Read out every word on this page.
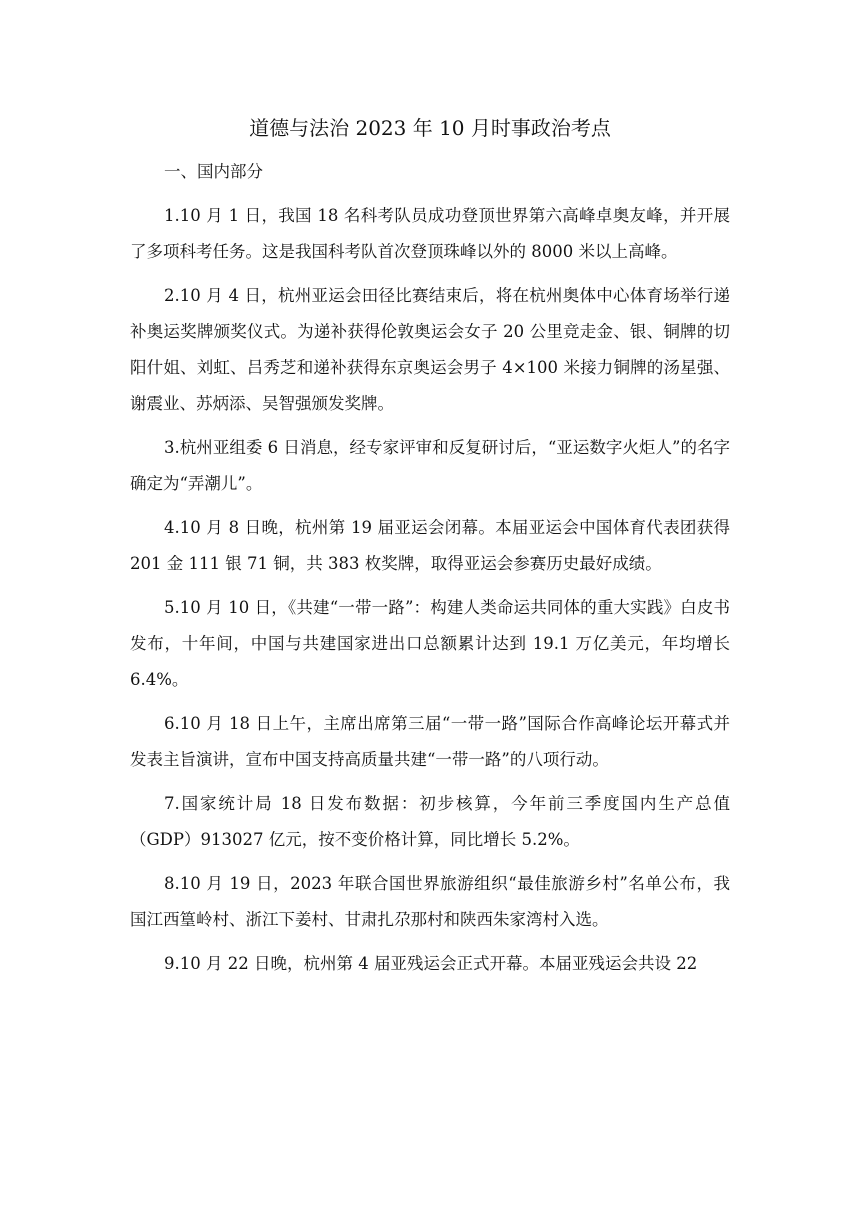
道德与法治 2023 年 10 月时事政治考点

一、国内部分

1.10 月 1 日，我国 18 名科考队员成功登顶世界第六高峰卓奥友峰，并开展了多项科考任务。这是我国科考队首次登顶珠峰以外的 8000 米以上高峰。

2.10 月 4 日，杭州亚运会田径比赛结束后，将在杭州奥体中心体育场举行递补奥运奖牌颁奖仪式。为递补获得伦敦奥运会女子 20 公里竞走金、银、铜牌的切阳什姐、刘虹、吕秀芝和递补获得东京奥运会男子 4×100 米接力铜牌的汤星强、谢震业、苏炳添、吴智强颁发奖牌。

3.杭州亚组委 6 日消息，经专家评审和反复研讨后，“亚运数字火炬人”的名字确定为“弄潮儿”。

4.10 月 8 日晚，杭州第 19 届亚运会闭幕。本届亚运会中国体育代表团获得 201 金 111 银 71 铜，共 383 枚奖牌，取得亚运会参赛历史最好成绩。

5.10 月 10 日，《共建“一带一路”：构建人类命运共同体的重大实践》白皮书发布，十年间，中国与共建国家进出口总额累计达到 19.1 万亿美元，年均增长 6.4%。

6.10 月 18 日上午，主席出席第三届“一带一路”国际合作高峰论坛开幕式并发表主旨演讲，宣布中国支持高质量共建“一带一路”的八项行动。

7.国家统计局 18 日发布数据：初步核算，今年前三季度国内生产总值（GDP）913027 亿元，按不变价格计算，同比增长 5.2%。

8.10 月 19 日，2023 年联合国世界旅游组织“最佳旅游乡村”名单公布，我国江西篁岭村、浙江下姜村、甘肃扎尕那村和陕西朱家湾村入选。

9.10 月 22 日晚，杭州第 4 届亚残运会正式开幕。本届亚残运会共设 22
